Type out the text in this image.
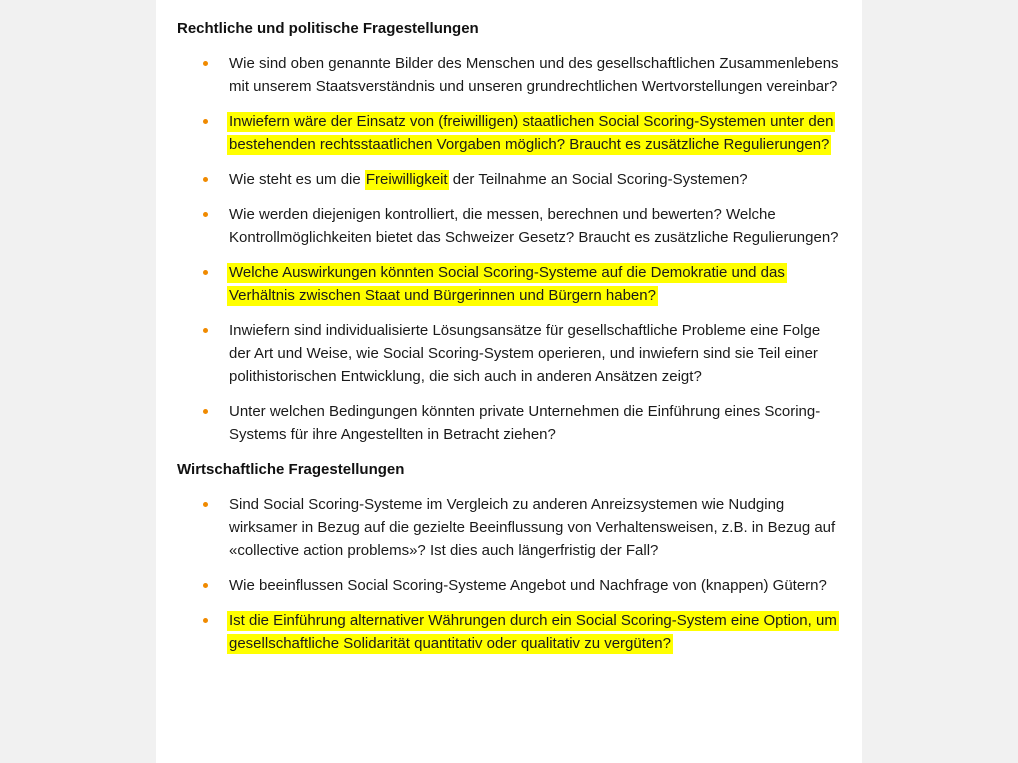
Rechtliche und politische Fragestellungen
Wie sind oben genannte Bilder des Menschen und des gesellschaftlichen Zusammenlebens mit unserem Staatsverständnis und unseren grundrechtlichen Wertvorstellungen vereinbar?
Inwiefern wäre der Einsatz von (freiwilligen) staatlichen Social Scoring-Systemen unter den bestehenden rechtsstaatlichen Vorgaben möglich? Braucht es zusätzliche Regulierungen?
Wie steht es um die Freiwilligkeit der Teilnahme an Social Scoring-Systemen?
Wie werden diejenigen kontrolliert, die messen, berechnen und bewerten? Welche Kontrollmöglichkeiten bietet das Schweizer Gesetz? Braucht es zusätzliche Regulierungen?
Welche Auswirkungen könnten Social Scoring-Systeme auf die Demokratie und das Verhältnis zwischen Staat und Bürgerinnen und Bürgern haben?
Inwiefern sind individualisierte Lösungsansätze für gesellschaftliche Probleme eine Folge der Art und Weise, wie Social Scoring-System operieren, und inwiefern sind sie Teil einer polithistorischen Entwicklung, die sich auch in anderen Ansätzen zeigt?
Unter welchen Bedingungen könnten private Unternehmen die Einführung eines Scoring-Systems für ihre Angestellten in Betracht ziehen?
Wirtschaftliche Fragestellungen
Sind Social Scoring-Systeme im Vergleich zu anderen Anreizsystemen wie Nudging wirksamer in Bezug auf die gezielte Beeinflussung von Verhaltensweisen, z.B. in Bezug auf «collective action problems»? Ist dies auch längerfristig der Fall?
Wie beeinflussen Social Scoring-Systeme Angebot und Nachfrage von (knappen) Gütern?
Ist die Einführung alternativer Währungen durch ein Social Scoring-System eine Option, um gesellschaftliche Solidarität quantitativ oder qualitativ zu vergüten?
